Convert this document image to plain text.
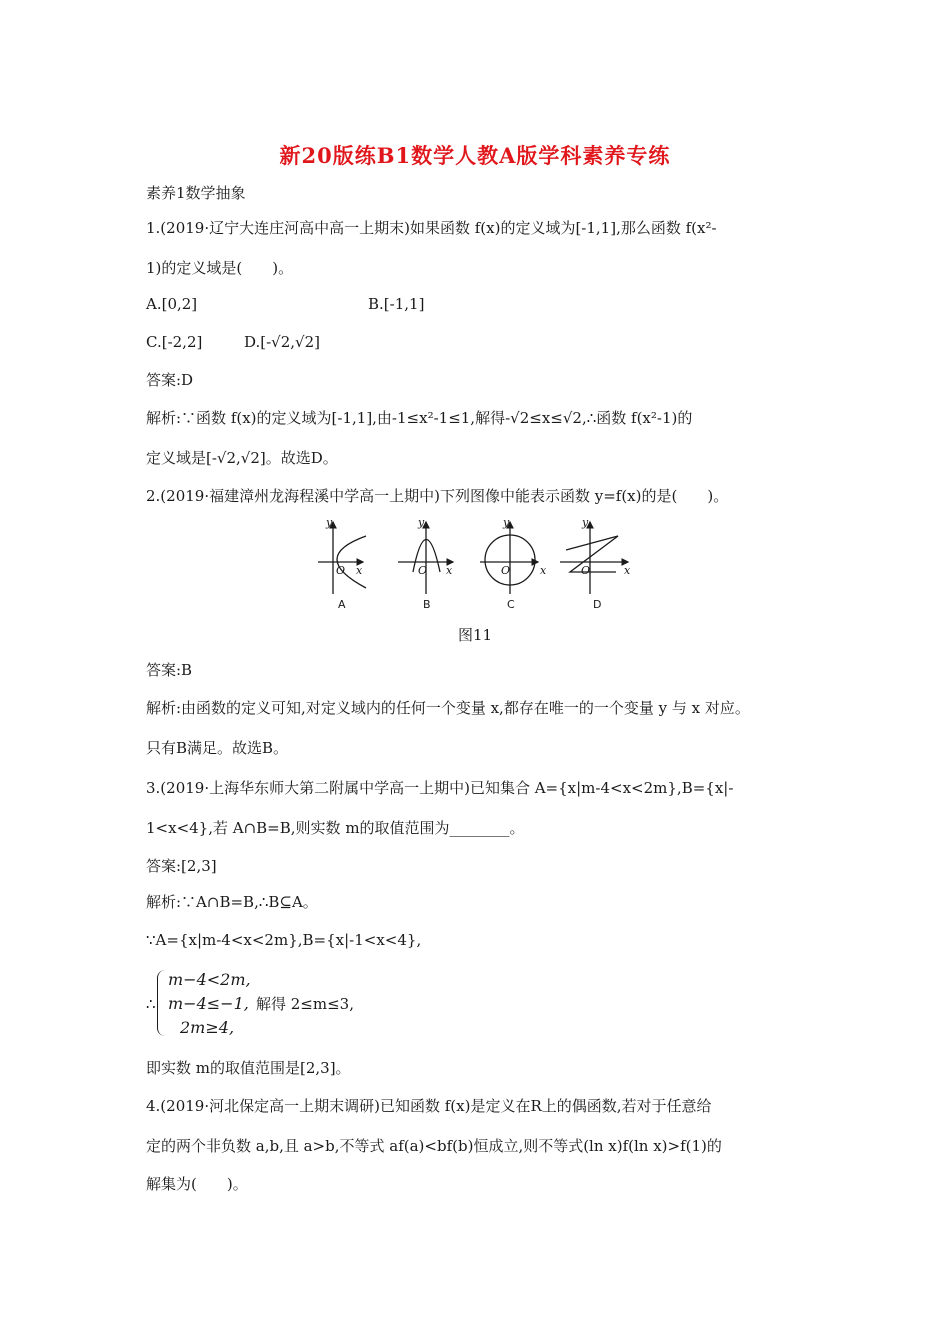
新20版练B1数学人教A版学科素养专练
素养1数学抽象
1.(2019·辽宁大连庄河高中高一上期末)如果函数 f(x)的定义域为[-1,1],那么函数 f(x²-
1)的定义域是(　　)。
A.[0,2]	B.[-1,1]
C.[-2,2]	D.[-√2,√2]
答案:D
解析:∵函数 f(x)的定义域为[-1,1],由-1≤x²-1≤1,解得-√2≤x≤√2,∴函数 f(x²-1)的
定义域是[-√2,√2]。故选D。
2.(2019·福建漳州龙海程溪中学高一上期中)下列图像中能表示函数 y=f(x)的是(　　)。
y
x
O
y
x
O
y
x
O
y
x
O
A	B	C	D
图11
答案:B
解析:由函数的定义可知,对定义域内的任何一个变量 x,都存在唯一的一个变量 y 与 x 对应。
只有B满足。故选B。
3.(2019·上海华东师大第二附属中学高一上期中)已知集合 A={x|m-4<x<2m},B={x|-
1<x<4},若 A∩B=B,则实数 m的取值范围为________。
答案:[2,3]
解析:∵A∩B=B,∴B⊆A。
∵A={x|m-4<x<2m},B={x|-1<x<4},
∴
m−4<2m,
m−4≤−1, 解得 2≤m≤3,
2m≥4,
即实数 m的取值范围是[2,3]。
4.(2019·河北保定高一上期末调研)已知函数 f(x)是定义在R上的偶函数,若对于任意给
定的两个非负数 a,b,且 a>b,不等式 af(a)<bf(b)恒成立,则不等式(ln x)f(ln x)>f(1)的
解集为(　　)。
